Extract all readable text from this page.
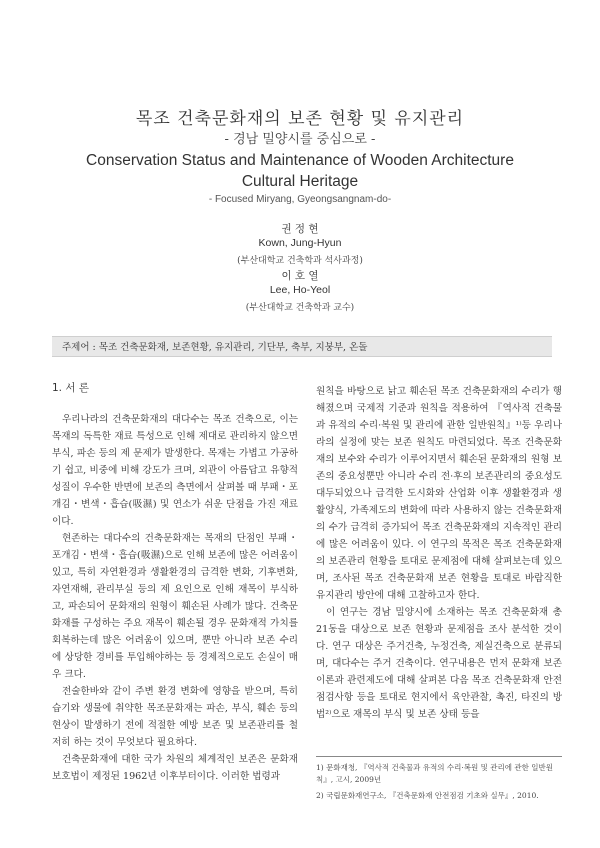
목조 건축문화재의 보존 현황 및 유지관리
- 경남 밀양시를 중심으로 -
Conservation Status and Maintenance of Wooden Architecture Cultural Heritage
- Focused Miryang, Gyeongsangnam-do-
권 정 현
Kown, Jung-Hyun
(부산대학교 건축학과 석사과정)
이 호 열
Lee, Ho-Yeol
(부산대학교 건축학과 교수)
주제어 : 목조 건축문화재, 보존현황, 유지관리, 기단부, 축부, 지붕부, 온돌

1. 서 론

우리나라의 건축문화재의 대다수는 목조 건축으로, 이는 목재의 독특한 재료 특성으로 인해 제대로 관리하지 않으면 부식, 파손 등의 제 문제가 발생한다. 목재는 가볍고 가공하기 쉽고, 비중에 비해 강도가 크며, 외관이 아름답고 유향적 성질이 우수한 반면에 보존의 측면에서 살펴볼 때 부패・포개김・변색・흡습(吸濕) 및 연소가 쉬운 단점을 가진 재료이다.

현존하는 대다수의 건축문화재는 목재의 단점인 부패・포개김・변색・흡습(吸濕)으로 인해 보존에 많은 어려움이 있고, 특히 자연환경과 생활환경의 급격한 변화, 기후변화, 자연재해, 관리부실 등의 제 요인으로 인해 재목이 부식하고, 파손되어 문화재의 원형이 훼손된 사례가 많다. 건축문화재를 구성하는 주요 재목이 훼손될 경우 문화재적 가치를 회복하는데 많은 어려움이 있으며, 뿐만 아니라 보존 수리에 상당한 경비를 투입해야하는 등 경제적으로도 손실이 매우 크다.

전술한바와 같이 주변 환경 변화에 영향을 받으며, 특히 습기와 생물에 취약한 목조문화재는 파손, 부식, 훼손 등의 현상이 발생하기 전에 적절한 예방 보존 및 보존관리를 철저히 하는 것이 무엇보다 필요하다.

건축문화재에 대한 국가 차원의 체계적인 보존은 문화재보호법이 제정된 1962년 이후부터이다. 이러한 법령과

원칙을 바탕으로 낡고 훼손된 목조 건축문화재의 수리가 행해졌으며 국제적 기준과 원칙을 적용하여 『역사적 건축물과 유적의 수리·복원 및 관리에 관한 일반원칙』¹⁾등 우리나라의 실정에 맞는 보존 원칙도 마련되었다. 목조 건축문화재의 보수와 수리가 이루어지면서 훼손된 문화재의 원형 보존의 중요성뿐만 아니라 수리 전·후의 보존관리의 중요성도 대두되었으나 급격한 도시화와 산업화 이후 생활환경과 생활양식, 가족제도의 변화에 따라 사용하지 않는 건축문화재의 수가 급격히 증가되어 목조 건축문화재의 지속적인 관리에 많은 어려움이 있다. 이 연구의 목적은 목조 건축문화재의 보존관리 현황을 토대로 문제점에 대해 살펴보는데 있으며, 조사된 목조 건축문화재 보존 현황을 토대로 바람직한 유지관리 방안에 대해 고찰하고자 한다.

이 연구는 경남 밀양시에 소재하는 목조 건축문화재 총 21동을 대상으로 보존 현황과 문제점을 조사 분석한 것이다. 연구 대상은 주거건축, 누정건축, 제실건축으로 분류되며, 대다수는 주거 건축이다. 연구내용은 먼저 문화재 보존 이론과 관련제도에 대해 살펴본 다음 목조 건축문화재 안전점검사항 등을 토대로 현지에서 육안관찰, 촉진, 타진의 방법²⁾으로 재목의 부식 및 보존 상태 등을

1) 문화재청, 『역사적 건축물과 유적의 수리·복원 및 관리에 관한 일반원칙』, 고시, 2009년
2) 국립문화재연구소, 『건축문화재 안전점검 기초와 실무』, 2010.
